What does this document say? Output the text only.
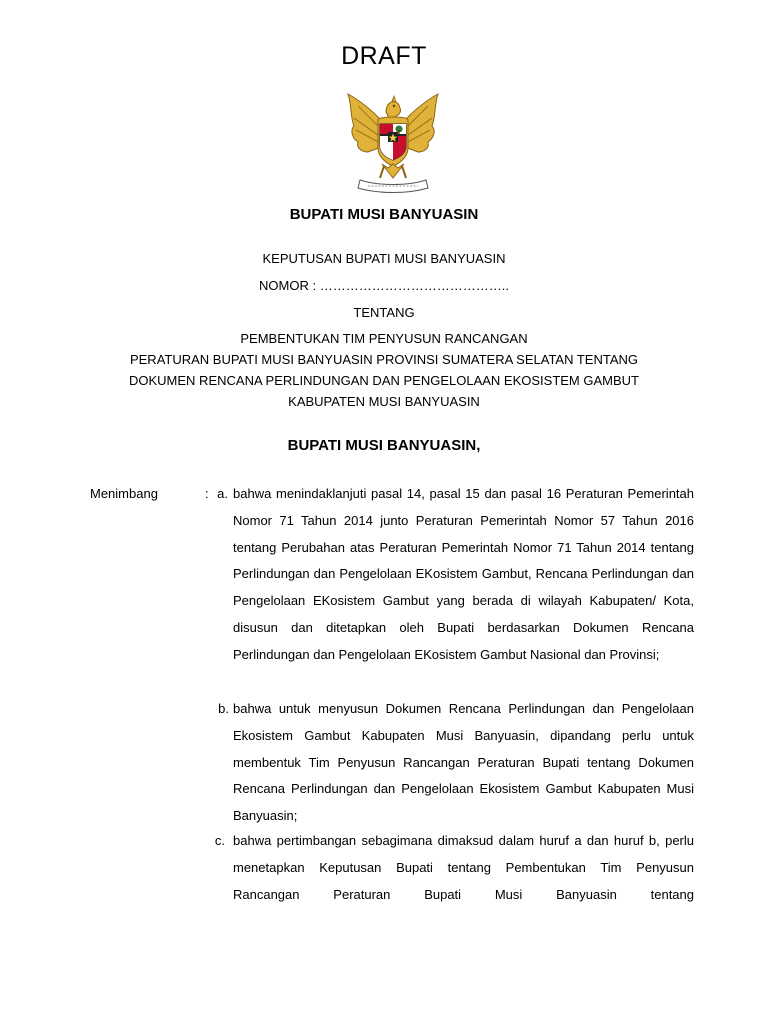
DRAFT
BUPATI MUSI BANYUASIN
KEPUTUSAN BUPATI MUSI BANYUASIN
NOMOR : ……………………………………..
TENTANG
PEMBENTUKAN TIM PENYUSUN RANCANGAN
PERATURAN BUPATI MUSI BANYUASIN PROVINSI SUMATERA SELATAN TENTANG
DOKUMEN RENCANA PERLINDUNGAN DAN PENGELOLAAN EKOSISTEM GAMBUT
KABUPATEN MUSI BANYUASIN
BUPATI MUSI BANYUASIN,
Menimbang	: a. bahwa menindaklanjuti pasal 14, pasal 15 dan pasal 16 Peraturan Pemerintah Nomor 71 Tahun 2014 junto Peraturan Pemerintah Nomor 57 Tahun 2016 tentang Perubahan atas Peraturan Pemerintah Nomor 71 Tahun 2014 tentang Perlindungan dan Pengelolaan EKosistem Gambut, Rencana Perlindungan dan Pengelolaan EKosistem Gambut yang berada di wilayah Kabupaten/ Kota, disusun dan ditetapkan oleh Bupati berdasarkan Dokumen Rencana Perlindungan dan Pengelolaan EKosistem Gambut Nasional dan Provinsi;
b. bahwa untuk menyusun Dokumen Rencana Perlindungan dan Pengelolaan Ekosistem Gambut Kabupaten Musi Banyuasin, dipandang perlu untuk membentuk Tim Penyusun Rancangan Peraturan Bupati tentang Dokumen Rencana Perlindungan dan Pengelolaan Ekosistem Gambut Kabupaten Musi Banyuasin;
c. bahwa pertimbangan sebagimana dimaksud dalam huruf a dan huruf b, perlu menetapkan Keputusan Bupati tentang Pembentukan Tim Penyusun Rancangan Peraturan Bupati Musi Banyuasin tentang
